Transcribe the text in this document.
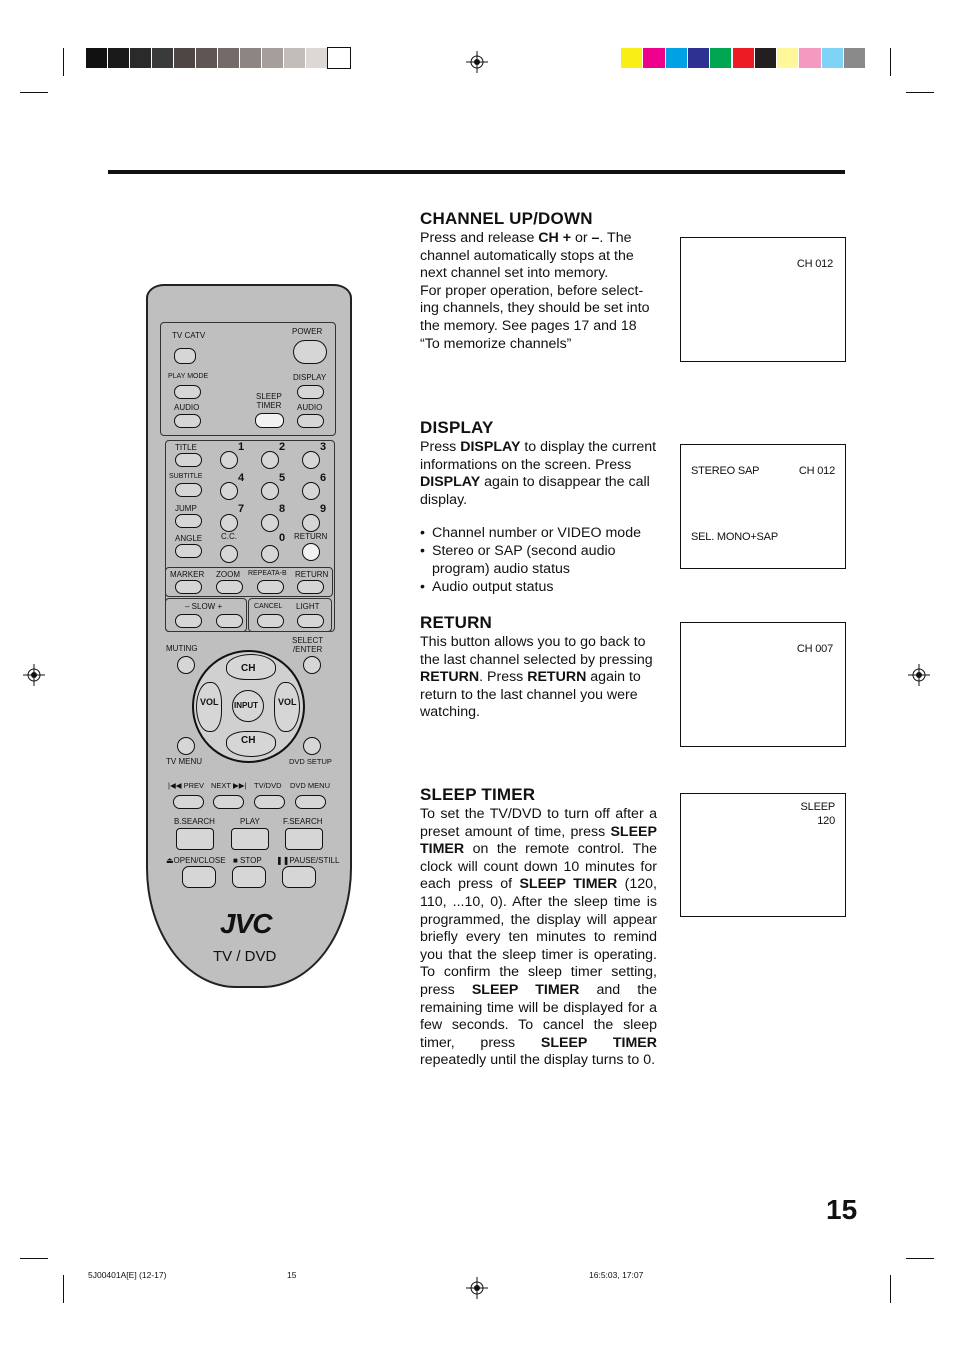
TV CATV	POWER
PLAY MODE	DISPLAY
AUDIO
SLEEP
TIMER AUDIO
TITLE
SUBTITLE
JUMP
ANGLE
1	2	3
4	5	6
7	8	9
0
C.C.	RETURN
MARKER ZOOM REPEATA-B RETURN
– SLOW +	CANCEL LIGHT
MUTING
SELECT
/ENTER
CH
CH
VOL	VOL
INPUT
TV MENU	DVD SETUP
|◀◀ PREV NEXT ▶▶| TV/DVD DVD MENU
B.SEARCH	PLAY	F.SEARCH
⏏OPEN/CLOSE ■ STOP ❚❚PAUSE/STILL
JVC
TV / DVD
CHANNEL UP/DOWN

Press and release CH + or –. The channel automatically stops at the next channel set into memory.
For proper operation, before select-ing channels, they should be set into the memory. See pages 17 and 18 “To memorize channels”

CH 012
DISPLAY

Press DISPLAY to display the current informations on the screen. Press DISPLAY again to disappear the call display.

• Channel number or VIDEO mode
• Stereo or SAP (second audio program) audio status
• Audio output status
STEREO SAP	CH 012
SEL. MONO+SAP
RETURN

This button allows you to go back to the last channel selected by pressing RETURN. Press RETURN again to return to the last channel you were watching.

CH 007
SLEEP TIMER

To set the TV/DVD to turn off after a preset amount of time, press SLEEP TIMER on the remote control. The clock will count down 10 minutes for each press of SLEEP TIMER (120, 110, ...10, 0). After the sleep time is programmed, the display will appear briefly every ten minutes to remind you that the sleep timer is operating. To confirm the sleep timer setting, press SLEEP TIMER and the remaining time will be displayed for a few seconds. To cancel the sleep timer, press SLEEP TIMER repeatedly until the display turns to 0.

SLEEP
120
15
5J00401A[E] (12-17)	15	16:5:03, 17:07
